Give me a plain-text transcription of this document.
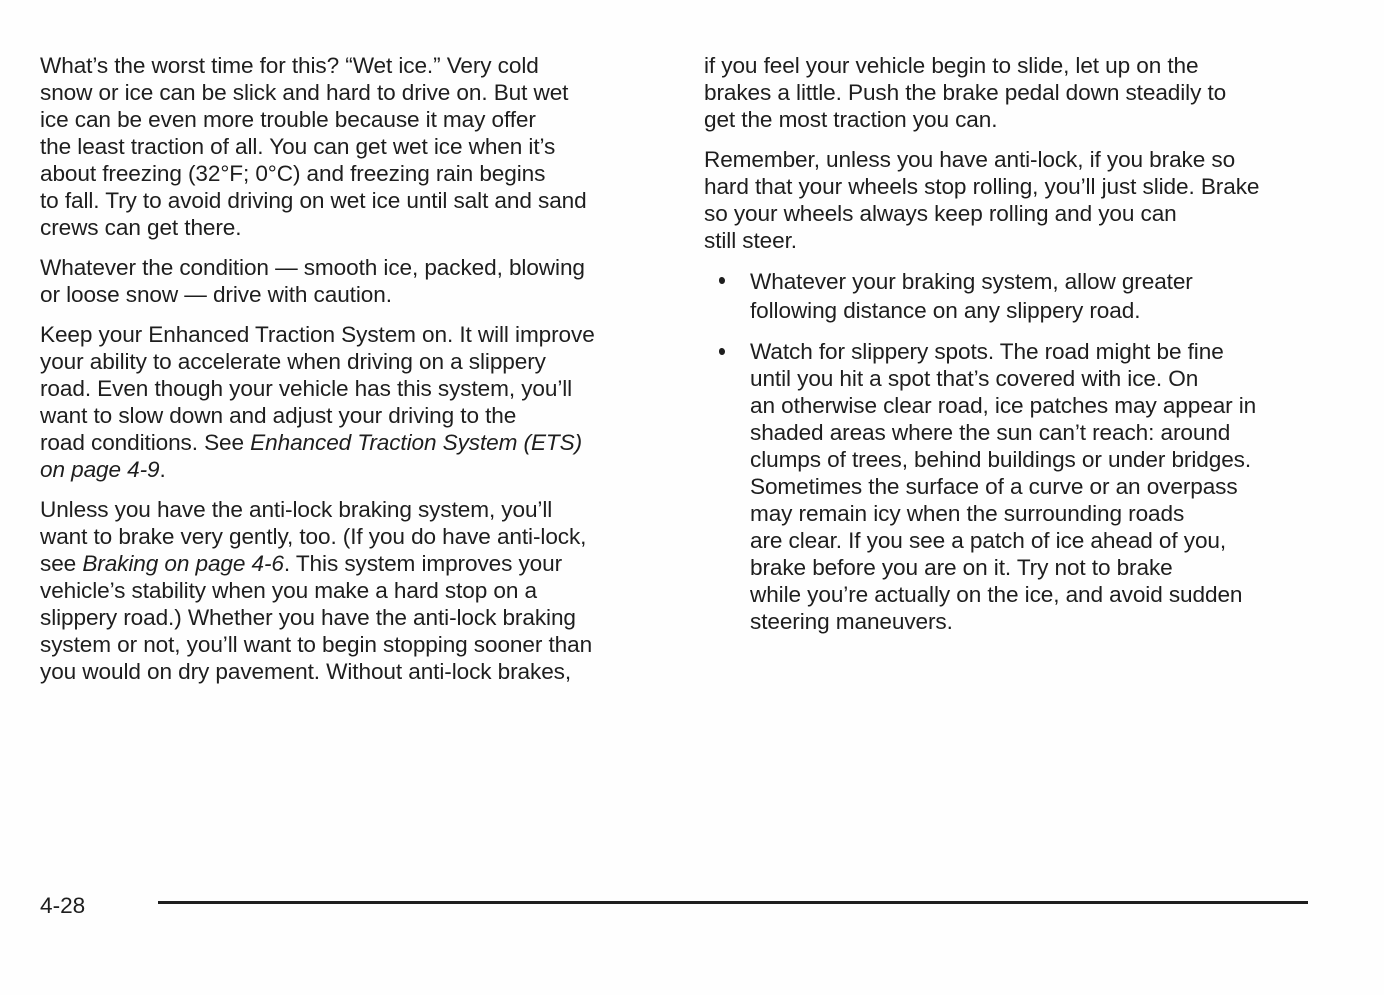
What’s the worst time for this? “Wet ice.” Very cold
snow or ice can be slick and hard to drive on. But wet
ice can be even more trouble because it may offer
the least traction of all. You can get wet ice when it’s
about freezing (32°F; 0°C) and freezing rain begins
to fall. Try to avoid driving on wet ice until salt and sand
crews can get there.

Whatever the condition — smooth ice, packed, blowing
or loose snow — drive with caution.

Keep your Enhanced Traction System on. It will improve
your ability to accelerate when driving on a slippery
road. Even though your vehicle has this system, you’ll
want to slow down and adjust your driving to the
road conditions. See Enhanced Traction System (ETS)
on page 4-9.

Unless you have the anti-lock braking system, you’ll
want to brake very gently, too. (If you do have anti-lock,
see Braking on page 4-6. This system improves your
vehicle’s stability when you make a hard stop on a
slippery road.) Whether you have the anti-lock braking
system or not, you’ll want to begin stopping sooner than
you would on dry pavement. Without anti-lock brakes,

if you feel your vehicle begin to slide, let up on the
brakes a little. Push the brake pedal down steadily to
get the most traction you can.

Remember, unless you have anti-lock, if you brake so
hard that your wheels stop rolling, you’ll just slide. Brake
so your wheels always keep rolling and you can
still steer.

Whatever your braking system, allow greater
following distance on any slippery road.
Watch for slippery spots. The road might be fine
until you hit a spot that’s covered with ice. On
an otherwise clear road, ice patches may appear in
shaded areas where the sun can’t reach: around
clumps of trees, behind buildings or under bridges.
Sometimes the surface of a curve or an overpass
may remain icy when the surrounding roads
are clear. If you see a patch of ice ahead of you,
brake before you are on it. Try not to brake
while you’re actually on the ice, and avoid sudden
steering maneuvers.
4-28
